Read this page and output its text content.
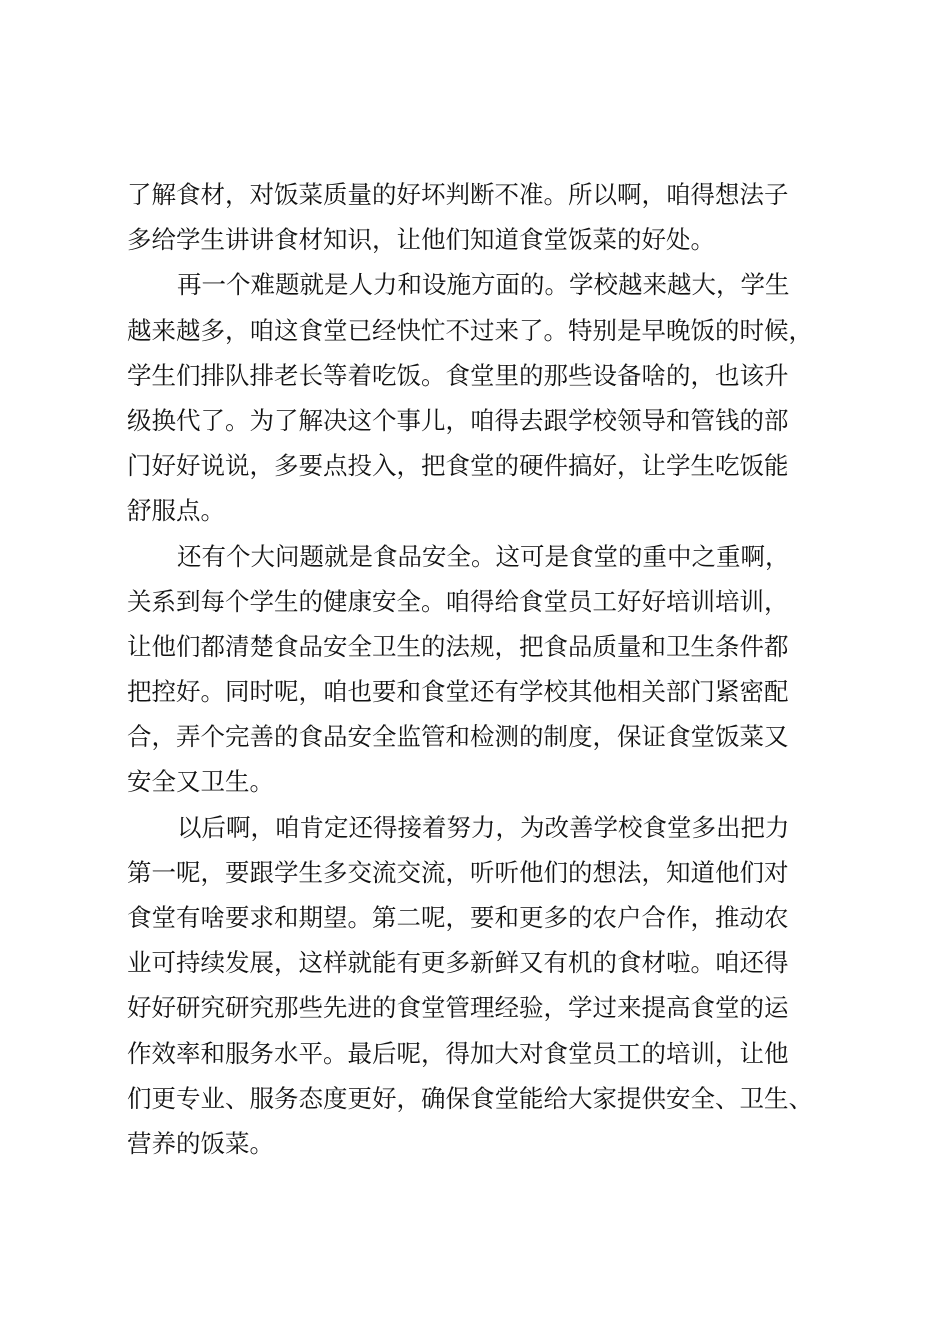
了解食材，对饭菜质量的好坏判断不准。所以啊，咱得想法子
多给学生讲讲食材知识，让他们知道食堂饭菜的好处。
再一个难题就是人力和设施方面的。学校越来越大，学生
越来越多，咱这食堂已经快忙不过来了。特别是早晚饭的时候，
学生们排队排老长等着吃饭。食堂里的那些设备啥的，也该升
级换代了。为了解决这个事儿，咱得去跟学校领导和管钱的部
门好好说说，多要点投入，把食堂的硬件搞好，让学生吃饭能
舒服点。
还有个大问题就是食品安全。这可是食堂的重中之重啊，
关系到每个学生的健康安全。咱得给食堂员工好好培训培训，
让他们都清楚食品安全卫生的法规，把食品质量和卫生条件都
把控好。同时呢，咱也要和食堂还有学校其他相关部门紧密配
合，弄个完善的食品安全监管和检测的制度，保证食堂饭菜又
安全又卫生。
以后啊，咱肯定还得接着努力，为改善学校食堂多出把力
第一呢，要跟学生多交流交流，听听他们的想法，知道他们对
食堂有啥要求和期望。第二呢，要和更多的农户合作，推动农
业可持续发展，这样就能有更多新鲜又有机的食材啦。咱还得
好好研究研究那些先进的食堂管理经验，学过来提高食堂的运
作效率和服务水平。最后呢，得加大对食堂员工的培训，让他
们更专业、服务态度更好，确保食堂能给大家提供安全、卫生、
营养的饭菜。
